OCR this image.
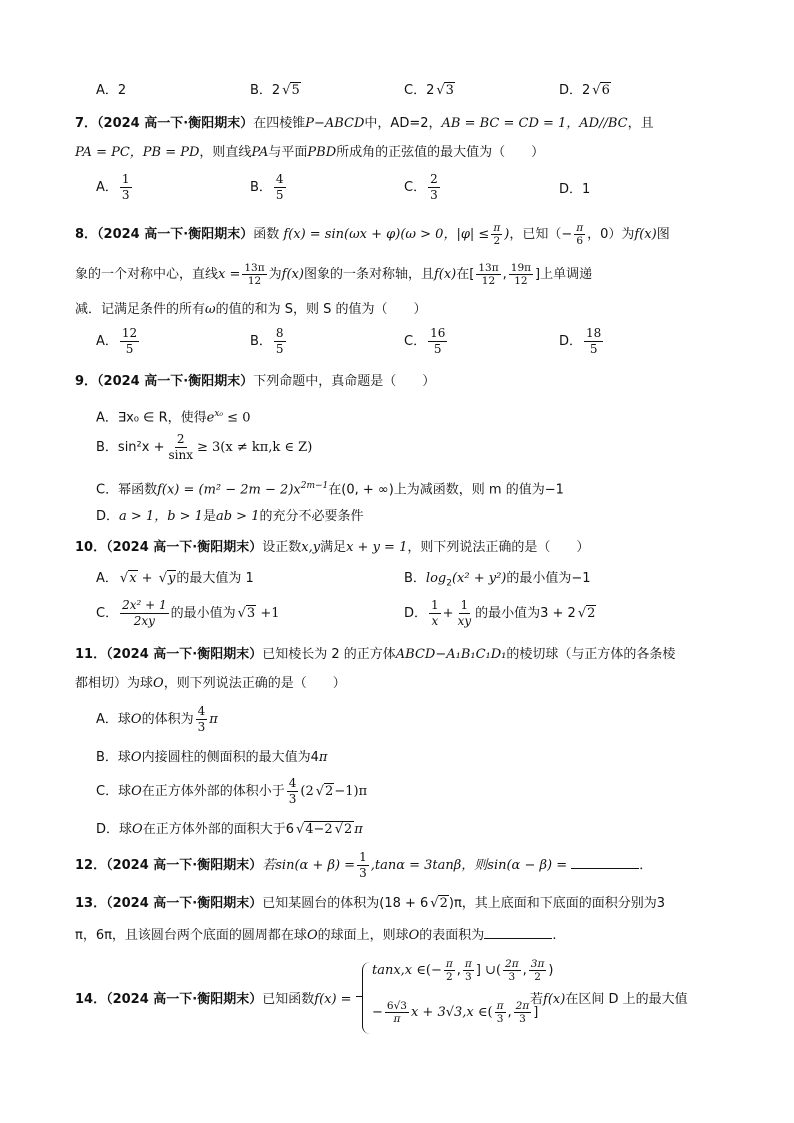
A．2	B．2√ 5	C．2√ 3	D．2√ 6
7．（2024 高一下·衡阳期末）在四棱锥P−ABCD中，AD=2，AB = BC = CD = 1，AD//BC，且
PA = PC，PB = PD，则直线PA与平面PBD所成角的正弦值的最大值为（　　）
A． $\frac{1}{3}$	B． $\frac{4}{5}$	C． $\frac{2}{3}$	D．1
8．（2024 高一下·衡阳期末）函数 f(x) = sin(ωx + φ)(ω > 0，$|\varphi| \le \frac{\pi}{2}$ )，已知（− $\frac{\pi}{6}$ ，0）为f(x)图
象的一个对称中心，直线$x = \frac{13\pi}{12}$ 为f(x)图象的一条对称轴，且f(x)在[ $\frac{13\pi}{12}$ , $\frac{19\pi}{12}$ ]上单调递
减．记满足条件的所有ω的值的和为 S，则 S 的值为（　　）
A． $\frac{12}{5}$	B． $\frac{8}{5}$	C． $\frac{16}{5}$	D． $\frac{18}{5}$
9．（2024 高一下·衡阳期末）下列命题中，真命题是（　　）
A．∃x₀ ∈ R，使得$e^{x_0} \le 0$
B．$\sin^2x + \frac{2}{\sin x} \ge 3(x \ne k\pi,k$ ∈ Z)
C．幂函数$f(x) = (m^2 - 2m - 2)x^{2m-1}$在(0, + ∞)上为减函数，则 m 的值为−1
D．a > 1，b > 1是ab > 1的充分不必要条件
10．（2024 高一下·衡阳期末）设正数x,y满足x + y = 1，则下列说法正确的是（　　）
A．√ x + √ y的最大值为 1	B．$\log_2(x^2 + y^2)$的最小值为−1
C． $\frac{\text{2x² + 1}}{2xy}$ 的最小值为√ 3 +1	D． $\frac{1}{x} + \frac{1}{xy}$ 的最小值为3 + 2√ 2
11．（2024 高一下·衡阳期末）已知棱长为 2 的正方体ABCD−A₁B₁C₁D₁的棱切球（与正方体的各条棱
都相切）为球O，则下列说法正确的是（　　）
A．球O的体积为 $\frac{4}{3}$ π
B．球O内接圆柱的侧面积的最大值为4π
C．球O在正方体外部的体积小于 $\frac{4}{3} (2√$ 2−1)π
D．球O在正方体外部的面积大于6√ 4−2√ 2 π
12．（2024 高一下·衡阳期末）若$\sin(\alpha + \beta) = \frac{1}{3} ,\tan\alpha = 3\tan\beta$，则sin(α − β) =	．
13．（2024 高一下·衡阳期末）已知某圆台的体积为(18 + 6√ 2)π，其上底面和下底面的面积分别为3
π，6π，且该圆台两个底面的圆周都在球O的球面上，则球O的表面积为	.
14．（2024 高一下·衡阳期末）已知函数f(x) =
tanx,x ∈(− $\frac{\pi}{2}$ , $\frac{\pi}{3}$ ] ∪( $\frac{2\pi}{3}$ , $\frac{3\pi}{2}$ )
− $\frac{6√3}{\pi}$ x + 3√3,x ∈( $\frac{\pi}{3}$ , $\frac{2\pi}{3}$ ]
若f(x)在区间 D 上的最大值
